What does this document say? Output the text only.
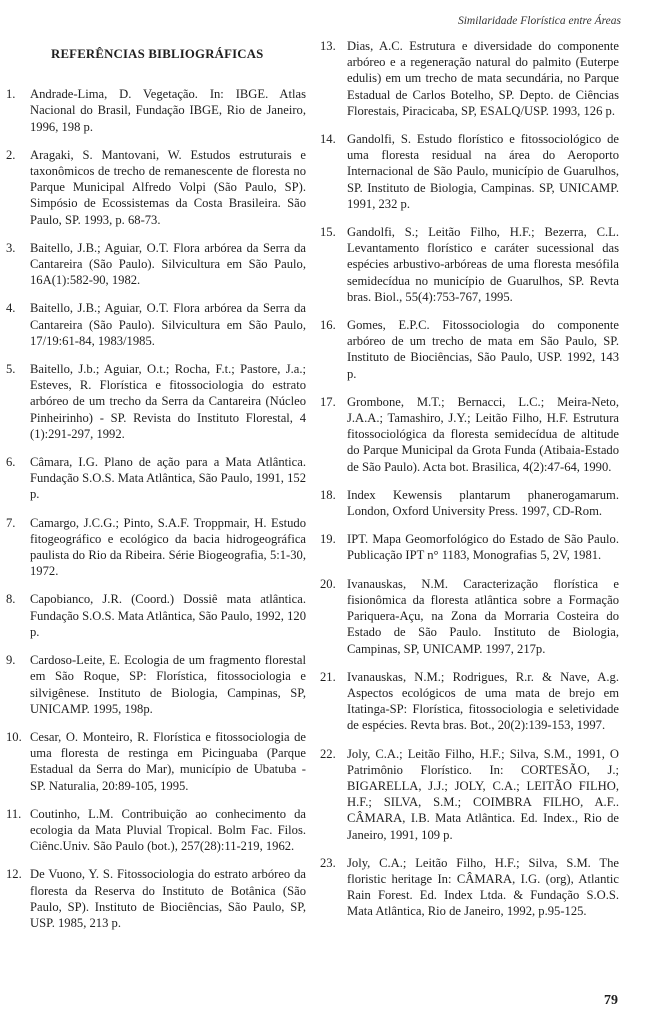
Similaridade Florística entre Áreas
REFERÊNCIAS BIBLIOGRÁFICAS
1.	Andrade-Lima, D. Vegetação. In: IBGE. Atlas Nacional do Brasil, Fundação IBGE, Rio de Janeiro, 1996, 198 p.
2.	Aragaki, S. Mantovani, W. Estudos estruturais e taxonômicos de trecho de remanescente de floresta no Parque Municipal Alfredo Volpi (São Paulo, SP). Simpósio de Ecossistemas da Costa Brasileira. São Paulo, SP. 1993, p. 68-73.
3.	Baitello, J.B.; Aguiar, O.T. Flora arbórea da Serra da Cantareira (São Paulo). Silvicultura em São Paulo, 16A(1):582-90, 1982.
4.	Baitello, J.B.; Aguiar, O.T. Flora arbórea da Serra da Cantareira (São Paulo). Silvicultura em São Paulo, 17/19:61-84, 1983/1985.
5.	Baitello, J.b.; Aguiar, O.t.; Rocha, F.t.; Pastore, J.a.; Esteves, R. Florística e fitossociologia do estrato arbóreo de um trecho da Serra da Cantareira (Núcleo Pinheirinho) - SP. Revista do Instituto Florestal, 4 (1):291-297, 1992.
6.	Câmara, I.G. Plano de ação para a Mata Atlântica. Fundação S.O.S. Mata Atlântica, São Paulo, 1991, 152 p.
7.	Camargo, J.C.G.; Pinto, S.A.F. Troppmair, H. Estudo fitogeográfico e ecológico da bacia hidrogeográfica paulista do Rio da Ribeira. Série Biogeografia, 5:1-30, 1972.
8.	Capobianco, J.R. (Coord.) Dossiê mata atlântica. Fundação S.O.S. Mata Atlântica, São Paulo, 1992, 120 p.
9.	Cardoso-Leite, E. Ecologia de um fragmento florestal em São Roque, SP: Florística, fitossociologia e silvigênese. Instituto de Biologia, Campinas, SP, UNICAMP. 1995, 198p.
10. Cesar, O. Monteiro, R. Florística e fitossociologia de uma floresta de restinga em Picinguaba (Parque Estadual da Serra do Mar), município de Ubatuba - SP. Naturalia, 20:89-105, 1995.
11. Coutinho, L.M. Contribuição ao conhecimento da ecologia da Mata Pluvial Tropical. Bolm Fac. Filos. Ciênc.Univ. São Paulo (bot.), 257(28):11-219, 1962.
12. De Vuono, Y. S. Fitossociologia do estrato arbóreo da floresta da Reserva do Instituto de Botânica (São Paulo, SP). Instituto de Biociências, São Paulo, SP, USP. 1985, 213 p.
13. Dias, A.C. Estrutura e diversidade do componente arbóreo e a regeneração natural do palmito (Euterpe edulis) em um trecho de mata secundária, no Parque Estadual de Carlos Botelho, SP. Depto. de Ciências Florestais, Piracicaba, SP, ESALQ/USP. 1993, 126 p.
14. Gandolfi, S. Estudo florístico e fitossociológico de uma floresta residual na área do Aeroporto Internacional de São Paulo, município de Guarulhos, SP. Instituto de Biologia, Campinas. SP, UNICAMP. 1991, 232 p.
15. Gandolfi, S.; Leitão Filho, H.F.; Bezerra, C.L. Levantamento florístico e caráter sucessional das espécies arbustivo-arbóreas de uma floresta mesófila semidecídua no município de Guarulhos, SP. Revta bras. Biol., 55(4):753-767, 1995.
16. Gomes, E.P.C. Fitossociologia do componente arbóreo de um trecho de mata em São Paulo, SP. Instituto de Biociências, São Paulo, USP. 1992, 143 p.
17. Grombone, M.T.; Bernacci, L.C.; Meira-Neto, J.A.A.; Tamashiro, J.Y.; Leitão Filho, H.F. Estrutura fitossociológica da floresta semidecídua de altitude do Parque Municipal da Grota Funda (Atibaia-Estado de São Paulo). Acta bot. Brasilica, 4(2):47-64, 1990.
18. Index Kewensis plantarum phanerogamarum. London, Oxford University Press. 1997, CD-Rom.
19. IPT. Mapa Geomorfológico do Estado de São Paulo. Publicação IPT n° 1183, Monografias 5, 2V, 1981.
20. Ivanauskas, N.M. Caracterização florística e fisionômica da floresta atlântica sobre a Formação Pariquera-Açu, na Zona da Morraria Costeira do Estado de São Paulo. Instituto de Biologia, Campinas, SP, UNICAMP. 1997, 217p.
21. Ivanauskas, N.M.; Rodrigues, R.r. & Nave, A.g. Aspectos ecológicos de uma mata de brejo em Itatinga-SP: Florística, fitossociologia e seletividade de espécies. Revta bras. Bot., 20(2):139-153, 1997.
22. Joly, C.A.; Leitão Filho, H.F.; Silva, S.M., 1991, O Patrimônio Florístico. In: CORTESÃO, J.; BIGARELLA, J.J.; JOLY, C.A.; LEITÃO FILHO, H.F.; SILVA, S.M.; COIMBRA FILHO, A.F.. CÂMARA, I.B. Mata Atlântica. Ed. Index., Rio de Janeiro, 1991, 109 p.
23. Joly, C.A.; Leitão Filho, H.F.; Silva, S.M. The floristic heritage In: CÂMARA, I.G. (org), Atlantic Rain Forest. Ed. Index Ltda. & Fundação S.O.S. Mata Atlântica, Rio de Janeiro, 1992, p.95-125.
79
